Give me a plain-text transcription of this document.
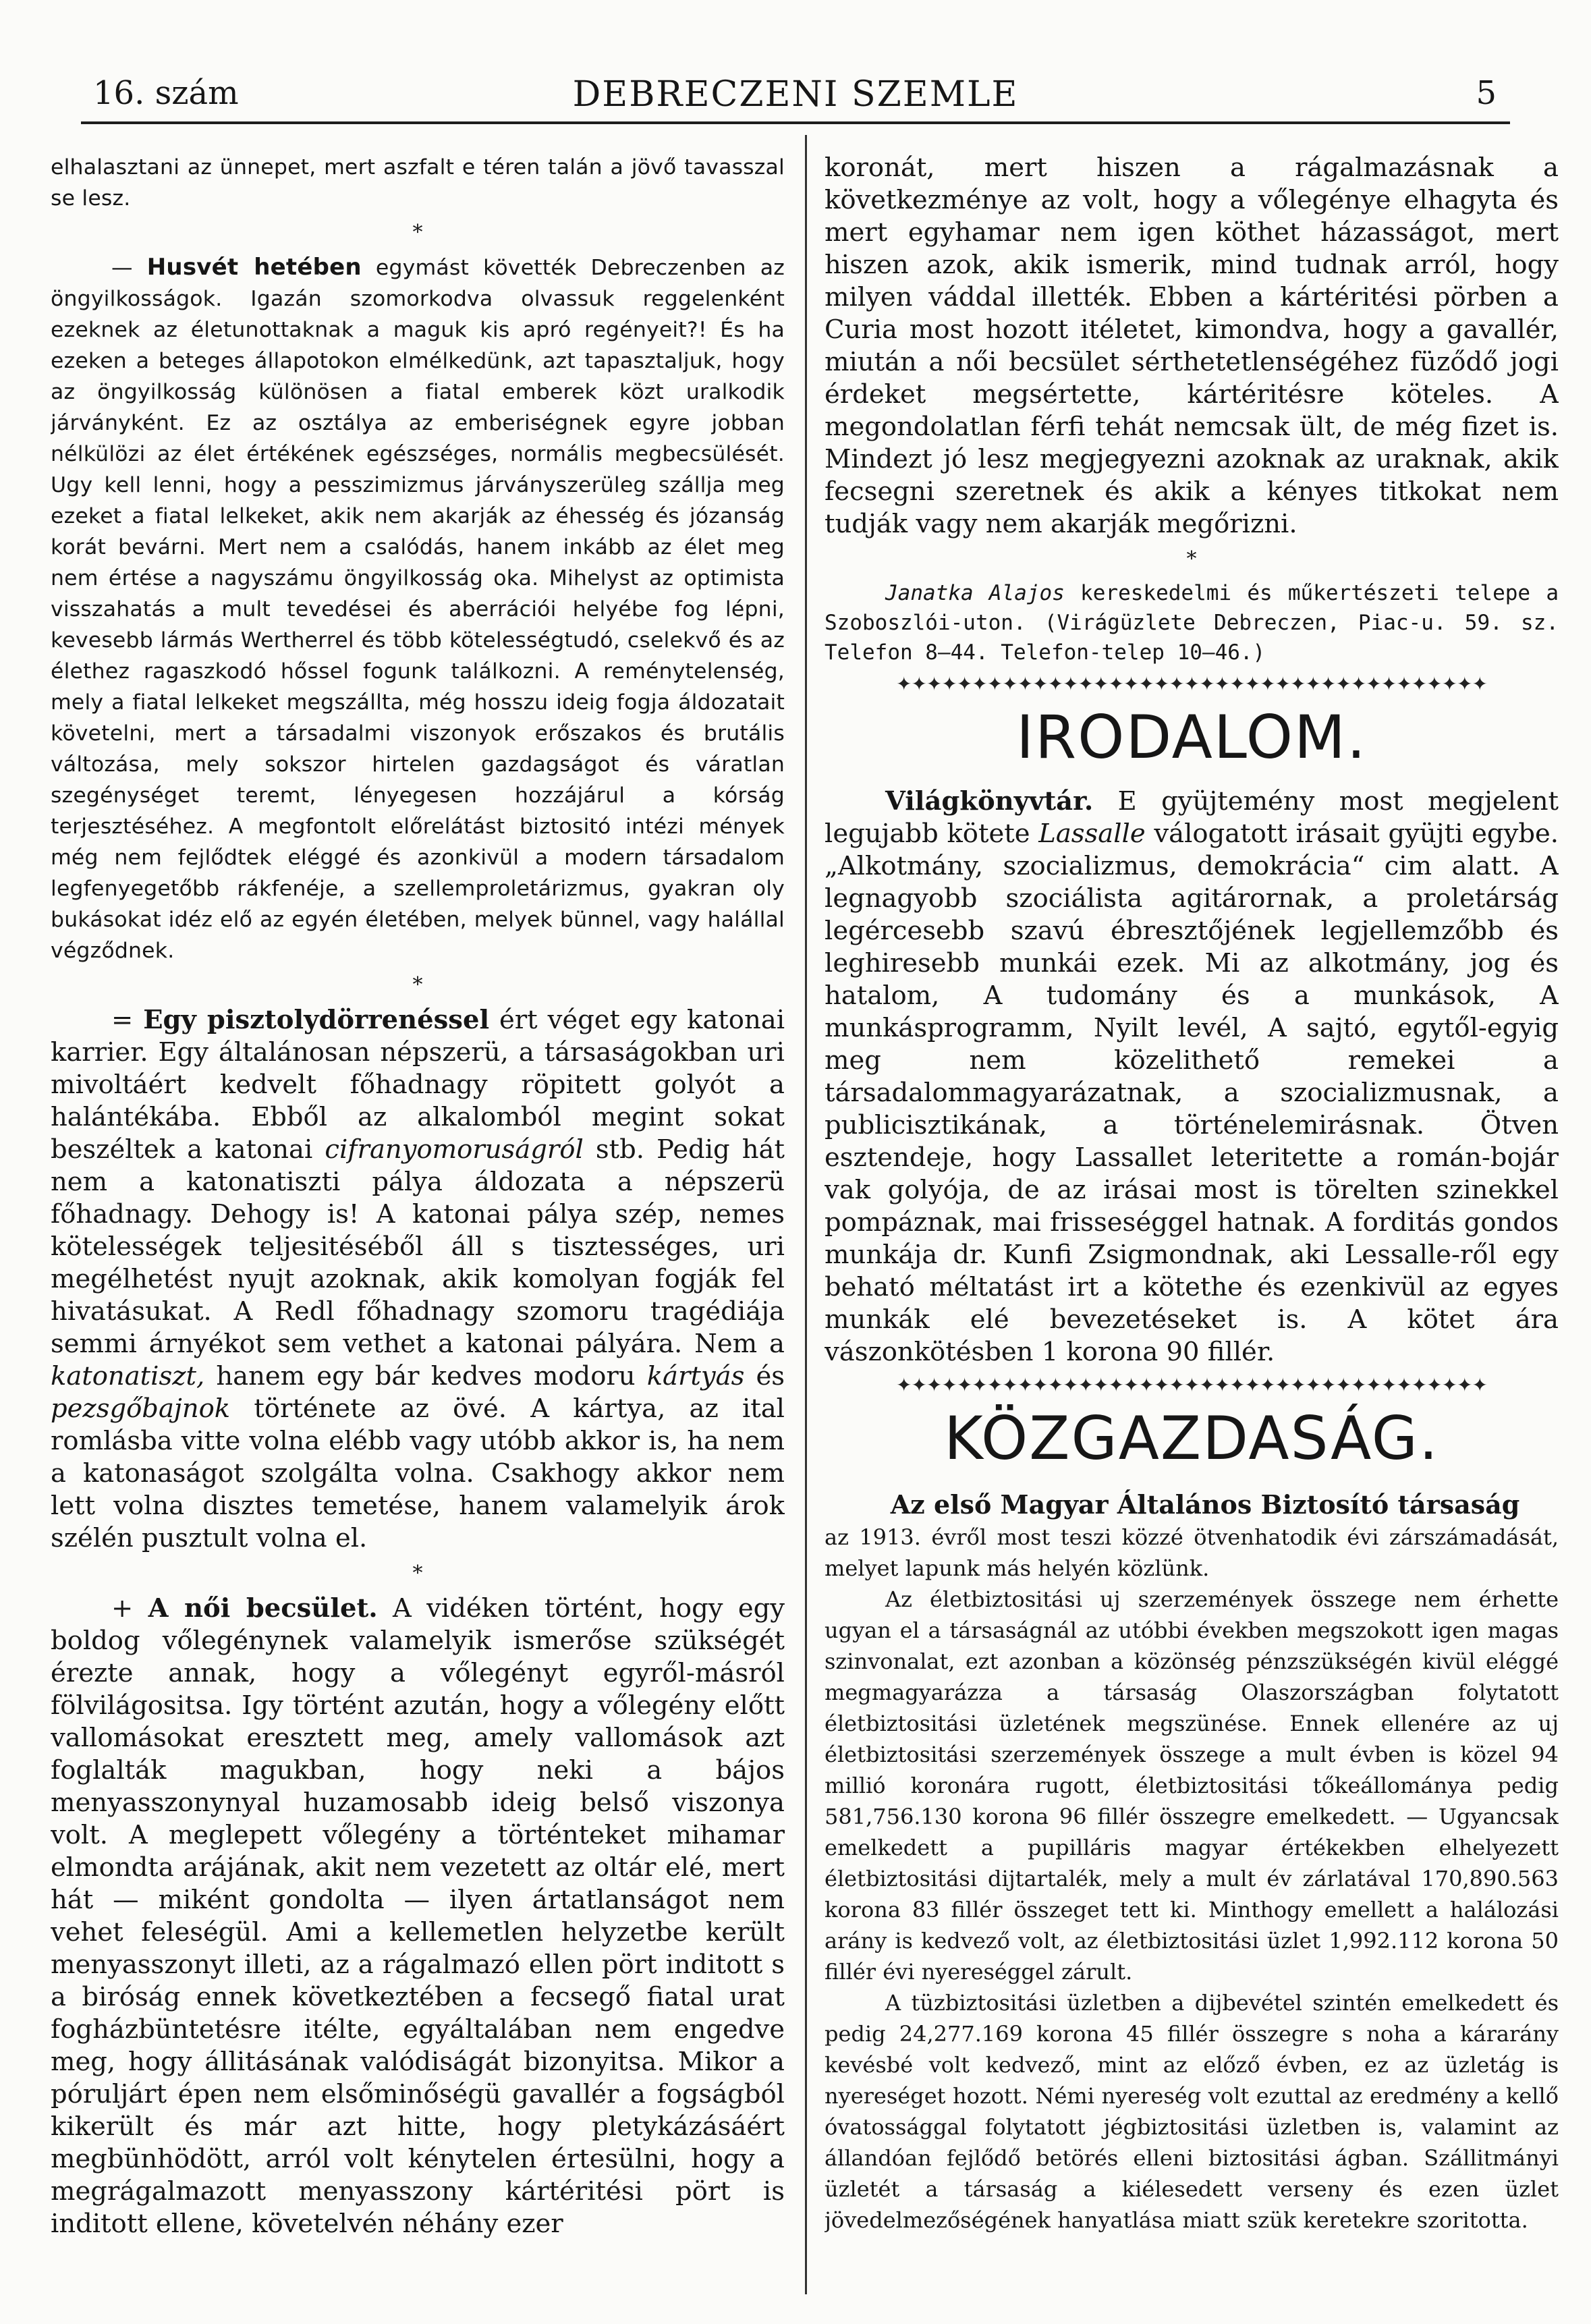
16. szám	DEBRECZENI SZEMLE	5

elhalasztani az ünnepet, mert aszfalt e téren talán a jövő tavasszal se lesz.

*

— Husvét hetében egymást követték Debreczenben az öngyilkosságok. Igazán szomorkodva olvassuk reggelenként ezeknek az életunottaknak a maguk kis apró regényeit?! És ha ezeken a beteges állapotokon elmélkedünk, azt tapasztaljuk, hogy az öngyilkosság különösen a fiatal emberek közt uralkodik járványként. Ez az osztálya az emberiségnek egyre jobban nélkülözi az élet értékének egészséges, normális megbecsülését. Ugy kell lenni, hogy a pesszimizmus járványszerüleg szállja meg ezeket a fiatal lelkeket, akik nem akarják az éhesség és józanság korát bevárni. Mert nem a csalódás, hanem inkább az élet meg nem értése a nagyszámu öngyilkosság oka. Mihelyst az optimista visszahatás a mult tevedései és aberrációi helyébe fog lépni, kevesebb lármás Wertherrel és több kötelességtudó, cselekvő és az élethez ragaszkodó hőssel fogunk találkozni. A reménytelenség, mely a fiatal lelkeket megszállta, még hosszu ideig fogja áldozatait követelni, mert a társadalmi viszonyok erőszakos és brutális változása, mely sokszor hirtelen gazdagságot és váratlan szegénységet teremt, lényegesen hozzájárul a kórság terjesztéséhez. A megfontolt előrelátást biztositó intézi mények még nem fejlődtek eléggé és azonkivül a modern társadalom legfenyegetőbb rákfenéje, a szellemproletárizmus, gyakran oly bukásokat idéz elő az egyén életében, melyek bünnel, vagy halállal végződnek.

*

= Egy pisztolydörrenéssel ért véget egy katonai karrier. Egy általánosan népszerü, a társaságokban uri mivoltáért kedvelt főhadnagy röpitett golyót a halántékába. Ebből az alkalomból megint sokat beszéltek a katonai cifranyomoruságról stb. Pedig hát nem a katonatiszti pálya áldozata a népszerü főhadnagy. Dehogy is! A katonai pálya szép, nemes kötelességek teljesitéséből áll s tisztességes, uri megélhetést nyujt azoknak, akik komolyan fogják fel hivatásukat. A Redl főhadnagy szomoru tragédiája semmi árnyékot sem vethet a katonai pályára. Nem a katonatiszt, hanem egy bár kedves modoru kártyás és pezsgőbajnok története az övé. A kártya, az ital romlásba vitte volna elébb vagy utóbb akkor is, ha nem a katonaságot szolgálta volna. Csakhogy akkor nem lett volna disztes temetése, hanem valamelyik árok szélén pusztult volna el.

*

+ A női becsület. A vidéken történt, hogy egy boldog vőlegénynek valamelyik ismerőse szükségét érezte annak, hogy a vőlegényt egyről-másról fölvilágositsa. Igy történt azután, hogy a vőlegény előtt vallomásokat eresztett meg, amely vallomások azt foglalták magukban, hogy neki a bájos menyasszonynyal huzamosabb ideig belső viszonya volt. A meglepett vőlegény a történteket mihamar elmondta arájának, akit nem vezetett az oltár elé, mert hát — miként gondolta — ilyen ártatlanságot nem vehet feleségül. Ami a kellemetlen helyzetbe került menyasszonyt illeti, az a rágalmazó ellen pört inditott s a biróság ennek következtében a fecsegő fiatal urat fogházbüntetésre itélte, egyáltalában nem engedve meg, hogy állitásának valódiságát bizonyitsa. Mikor a póruljárt épen nem elsőminőségü gavallér a fogságból kikerült és már azt hitte, hogy pletykázásáért megbünhödött, arról volt kénytelen értesülni, hogy a megrágalmazott menyasszony kártéritési pört is inditott ellene, követelvén néhány ezer

koronát, mert hiszen a rágalmazásnak a következménye az volt, hogy a vőlegénye elhagyta és mert egyhamar nem igen köthet házasságot, mert hiszen azok, akik ismerik, mind tudnak arról, hogy milyen váddal illették. Ebben a kártéritési pörben a Curia most hozott itéletet, kimondva, hogy a gavallér, miután a női becsület sérthetetlenségéhez füződő jogi érdeket megsértette, kártéritésre köteles. A megondolatlan férfi tehát nemcsak ült, de még fizet is. Mindezt jó lesz megjegyezni azoknak az uraknak, akik fecsegni szeretnek és akik a kényes titkokat nem tudják vagy nem akarják megőrizni.

*

Janatka Alajos kereskedelmi és műkertészeti telepe a Szoboszlói-uton. (Virágüzlete Debreczen, Piac-u. 59. sz. Telefon 8—44. Telefon-telep 10—46.)

✦✦✦✦✦✦✦✦✦✦✦✦✦✦✦✦✦✦✦✦✦✦✦✦✦✦✦✦✦✦✦✦✦✦✦✦✦✦✦
IRODALOM.

Világkönyvtár. E gyüjtemény most megjelent legujabb kötete Lassalle válogatott irásait gyüjti egybe. „Alkotmány, szocializmus, demokrácia“ cim alatt. A legnagyobb szociálista agitárornak, a proletárság legércesebb szavú ébresztőjének legjellemzőbb és leghiresebb munkái ezek. Mi az alkotmány, jog és hatalom, A tudomány és a munkások, A munkásprogramm, Nyilt levél, A sajtó, egytől-egyig meg nem közelithető remekei a társadalommagyarázatnak, a szocializmusnak, a publicisztikának, a történelemirásnak. Ötven esztendeje, hogy Lassallet leteritette a román-bojár vak golyója, de az irásai most is törelten szinekkel pompáznak, mai frisseséggel hatnak. A forditás gondos munkája dr. Kunfi Zsigmondnak, aki Lessalle-ről egy beható méltatást irt a kötethe és ezenkivül az egyes munkák elé bevezetéseket is. A kötet ára vászonkötésben 1 korona 90 fillér.

✦✦✦✦✦✦✦✦✦✦✦✦✦✦✦✦✦✦✦✦✦✦✦✦✦✦✦✦✦✦✦✦✦✦✦✦✦✦✦
KÖZGAZDASÁG.
Az első Magyar Általános Biztosító társaság

az 1913. évről most teszi közzé ötvenhatodik évi zárszámadását, melyet lapunk más helyén közlünk.

Az életbiztositási uj szerzemények összege nem érhette ugyan el a társaságnál az utóbbi években megszokott igen magas szinvonalat, ezt azonban a közönség pénzszükségén kivül eléggé megmagyarázza a társaság Olaszországban folytatott életbiztositási üzletének megszünése. Ennek ellenére az uj életbiztositási szerzemények összege a mult évben is közel 94 millió koronára rugott, életbiztositási tőkeállománya pedig 581,756.130 korona 96 fillér összegre emelkedett. — Ugyancsak emelkedett a pupilláris magyar értékekben elhelyezett életbiztositási dijtartalék, mely a mult év zárlatával 170,890.563 korona 83 fillér összeget tett ki. Minthogy emellett a halálozási arány is kedvező volt, az életbiztositási üzlet 1,992.112 korona 50 fillér évi nyereséggel zárult.

A tüzbiztositási üzletben a dijbevétel szintén emelkedett és pedig 24,277.169 korona 45 fillér összegre s noha a kárarány kevésbé volt kedvező, mint az előző évben, ez az üzletág is nyereséget hozott. Némi nyereség volt ezuttal az eredmény a kellő óvatossággal folytatott jégbiztositási üzletben is, valamint az állandóan fejlődő betörés elleni biztositási ágban. Szállitmányi üzletét a társaság a kiélesedett verseny és ezen üzlet jövedelmezőségének hanyatlása miatt szük keretekre szoritotta.
